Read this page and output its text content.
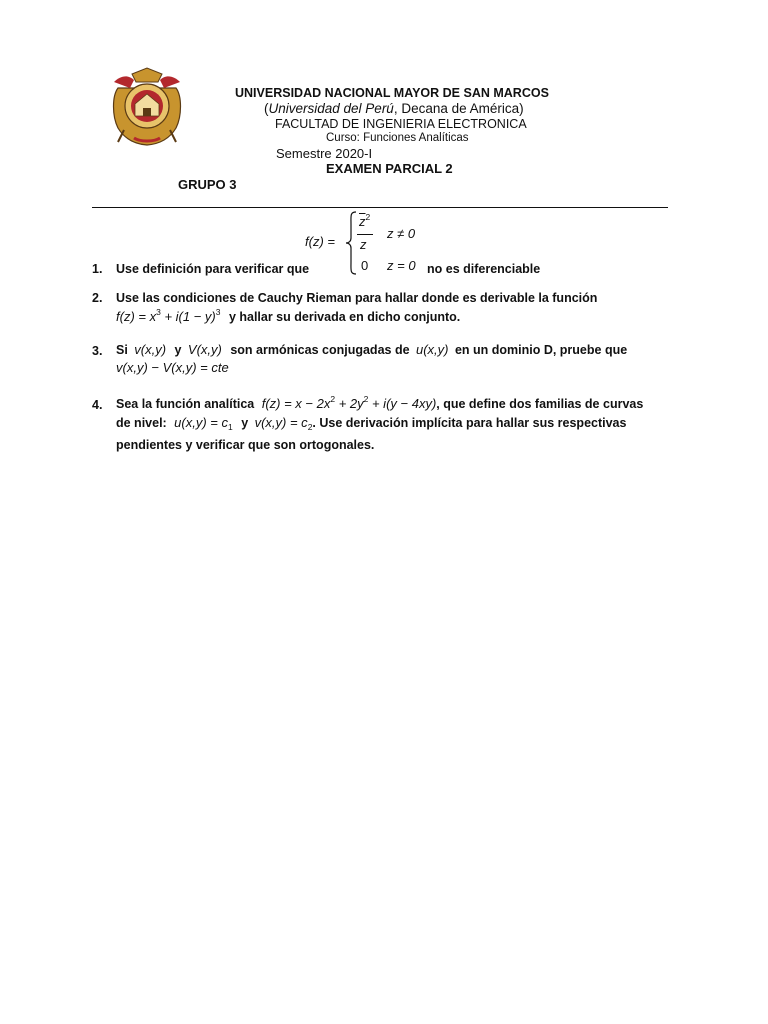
UNIVERSIDAD NACIONAL MAYOR DE SAN MARCOS
(Universidad del Perú, Decana de América)
FACULTAD DE INGENIERIA ELECTRONICA
Curso: Funciones Analíticas
Semestre 2020-I
EXAMEN PARCIAL 2
GRUPO 3
f(z) =
$\overline{z}^2$
z
z ≠ 0
0 z = 0
1. Use definición para verificar que	no es diferenciable
2. Use las condiciones de Cauchy Rieman para hallar donde es derivable la función
$f(z) = x^3 + i(1 - y)^3$ y hallar su derivada en dicho conjunto.
3. Si v(x,y) y V(x,y) son armónicas conjugadas de u(x,y) en un dominio D, pruebe que
v(x,y) − V(x,y) = cte
4. Sea la función analítica $f(z) = x - 2x^2 + 2y^2 + i(y - 4xy)$, que define dos familias de curvas
de nivel: $u(x,y) = c_1$ y $v(x,y) = c_2$. Use derivación implícita para hallar sus respectivas
pendientes y verificar que son ortogonales.
